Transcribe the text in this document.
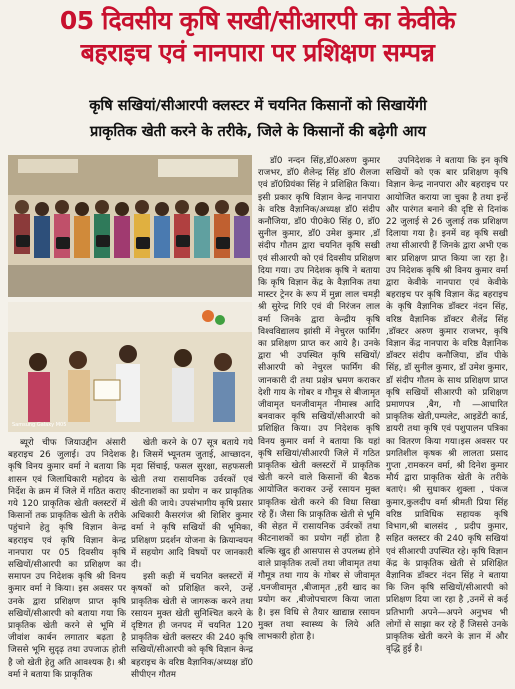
05 दिवसीय कृषि सखी/सीआरपी का केवीके
बहराइच एवं नानपारा पर प्रशिक्षण सम्पन्न
कृषि सखियां/सीआरपी क्लस्टर में चयनित किसानों को सिखायेंगी
प्राकृतिक खेती करने के तरीके, जिले के किसानों की बढ़ेगी आय
Samsung Galaxy M05

ब्यूरो चीफ जियाउद्दीन अंसारी बहराइच 26 जुलाई। उप निदेशक कृषि विनय कुमार वर्मा ने बताया कि शासन एवं जिलाधिकारी महोदय के निर्देश के क्रम में जिले में गठित कराए गये 120 प्राकृतिक खेती क्लस्टरों में किसानों तक प्राकृतिक खेती के तरीके पहुंचाने हेतु कृषि विज्ञान केन्द्र बहराइच एवं कृषि विज्ञान केन्द्र नानपारा पर 05 दिवसीय कृषि सखियों/सीआरपी का प्रशिक्षण का समापन उप निदेशक कृषि श्री विनय कुमार वर्मा ने किया। इस अवसर पर उनके द्वारा प्रशिक्षण प्राप्त कृषि सखियों/सीआरपी को बताया गया कि प्राकृतिक खेती करने से भूमि में जीवांश कार्बन लगातार बढ़ता है जिससे भूमि सुदृढ़ तथा उपजाऊ होती है जो खेती हेतु अति आवश्यक है। श्री वर्मा ने बताया कि प्राकृतिक

खेती करने के 07 सूत्र बताये गये है। जिसमें भ्यूनतम जुताई, आच्छादन, मृदा सिंचाई, फसल सुरक्षा, सहफसली खेती तथा रासायनिक उर्वरकों एवं कीटनाशकों का प्रयोग न कर प्राकृतिक खेती की जाये। उपसंभागीय कृषि प्रसार अधिकारी कैसरगंज श्री शिशिर कुमार वर्मा ने कृषि सखियों की भूमिका, प्रशिक्षण प्रदर्शन योजना के क्रियान्वयन में सहयोग आदि विषयों पर जानकारी दी।

इसी कड़ी में चयनित क्लस्टरों में कृषकों को प्रशिक्षित करने, उन्हें प्राकृतिक खेती से जागरूक करने तथा रसायन मुक्त खेती सुनिश्चित करने के दृष्टिगत ही जनपद में चयनित 120 प्राकृतिक खेती क्लस्टर की 240 कृषि सखियों/सीआरपी को कृषि विज्ञान केन्द्र बहराइच के वरिष्ठ वैज्ञानिक/अध्यक्ष डॉ0 सीपीएन गौतम

डॉ0 नन्दन सिंह,डॉ0अरुण कुमार राजभर, डॉ0 शैलेन्द्र सिंह डॉ0 शैलजा एवं डॉ0प्रियंका सिंह ने प्रशिक्षित किया। इसी प्रकार कृषि विज्ञान केन्द्र नानपारा के वरिष्ठ वैज्ञानिक/अध्यक्ष डॉ0 संदीप कनौजिया, डॉ0 पी0के0 सिंह 0, डॉ0 सुनील कुमार, डॉ0 उमेश कुमार ,डॉ संदीप गौतम द्वारा चयनित कृषि सखी एवं सीआरपी को एवं दिवसीय प्रशिक्षण दिया गया। उप निदेशक कृषि ने बताया कि कृषि विज्ञान केंद्र के वैज्ञानिक तथा मास्टर ट्रेनर के रूप में मुन्ना लाल चमड़ी श्री सुरेन्द्र गिरि एवं वी निरंजन लाल वर्मा जिनके द्वारा केन्द्रीय कृषि विश्वविद्यालय झांसी में नेचुरल फार्मिंग का प्रशिक्षण प्राप्त कर आये है। उनके द्वारा भी उपस्थित कृषि सखियों/सीआरपी को नेचुरल फार्मिंग की जानकारी दी तथा प्रक्षेत्र भ्रमण कराकर देशी गाय के गोबर व गौमूत्र से बीजामृत जीवामृत घनजीवामृत नीमास्त्र आदि बनवाकर कृषि सखियों/सीआरपी को प्रशिक्षित किया। उप निदेशक कृषि विनय कुमार वर्मा ने बताया कि यहां कृषि सखियां/सीआरपी जिले में गठित प्राकृतिक खेती क्लस्टरों में प्राकृतिक खेती करने वाले किसानों की बैठक आयोजित कराकर उन्हें रसायन मुक्त प्राकृतिक खेती करने की विधा सिखा रहे हैं। जैसा कि प्राकृतिक खेती से भूमि की सेहत में रासायनिक उर्वरकों तथा कीटनाशकों का प्रयोग नहीं होता है बल्कि खुद ही आसपास से उपलब्ध होने वाले प्राकृतिक तत्वों तथा जीवामृत तथा गौमूत्र तथा गाय के गोबर से जीवामृत ,घनजीवामृत ,बीजामृत ,हरी खाद का प्रयोग कर ,बीजोपचारण किया जाता है। इस विधि से तैयार खाद्यान्न रसायन मुक्त तथा स्वास्थ्य के लिये अति लाभकारी होता है।

उपनिदेशक ने बताया कि इन कृषि सखियों को एक बार प्रशिक्षण कृषि विज्ञान केन्द्र नानपारा और बहराइच पर आयोजित कराया जा चुका है तथा इन्हें और पारंगत बनाने की दृष्टि से दिनांक 22 जुलाई से 26 जुलाई तक प्रशिक्षण दिलाया गया है। इनमें वह कृषि सखी तथा सीआरपी हैं जिनके द्वारा अभी एक बार प्रशिक्षण प्राप्त किया जा रहा है। उप निदेशक कृषि श्री विनय कुमार वर्मा द्वारा केवीके नानपारा एवं केवीके बहराइच पर कृषि विज्ञान केंद्र बहराइच के कृषि वैज्ञानिक डॉक्टर नंदन सिंह, वरिष्ठ वैज्ञानिक डॉक्टर शैलेंद्र सिंह ,डॉक्टर अरुण कुमार राजभर, कृषि विज्ञान केंद्र नानपारा के वरिष्ठ वैज्ञानिक डॉक्टर संदीप कनौजिया, डॉव पीके सिंह, डॉ सुनील कुमार, डॉ उमेश कुमार, डॉ संदीप गौतम के साथ प्रशिक्षण प्राप्त कृषि सखियों सीआरपी को प्रशिक्षण प्रमाणपत्र ,बैग, गौ —आधारित प्राकृतिक खेती,पम्पलेट, आइडेंटी कार्ड, डायरी तथा कृषि एवं पशुपालन पत्रिका का वितरण किया गया।इस अवसर पर प्रगतिशील कृषक श्री लालता प्रसाद गुप्ता ,रामकरन वर्मा, श्री दिनेश कुमार मौर्य द्वारा प्राकृतिक खेती के तरीके बताएं। श्री सुधाकर शुक्ला , पंकज कुमार,कुलदीप वर्मा श्रीमती प्रिया सिंह वरिष्ठ प्राविधिक सहायक कृषि विभाग,श्री बालसंद , प्रदीप कुमार, सहित क्लस्टर की 240 कृषि सखियां एवं सीआरपी उपस्थित रहे। कृषि विज्ञान केंद्र के प्राकृतिक खेती से प्रशिक्षित वैज्ञानिक डॉक्टर नंदन सिंह ने बताया कि जिन कृषि सखियों/सीआरपी को प्रशिक्षण दिया जा रहा है ,उनमें से कई प्रतिभागी अपने—अपने अनुभव भी लोगों से साझा कर रहे हैं जिससे उनके प्राकृतिक खेती करने के ज्ञान में और वृद्धि हुई है।
